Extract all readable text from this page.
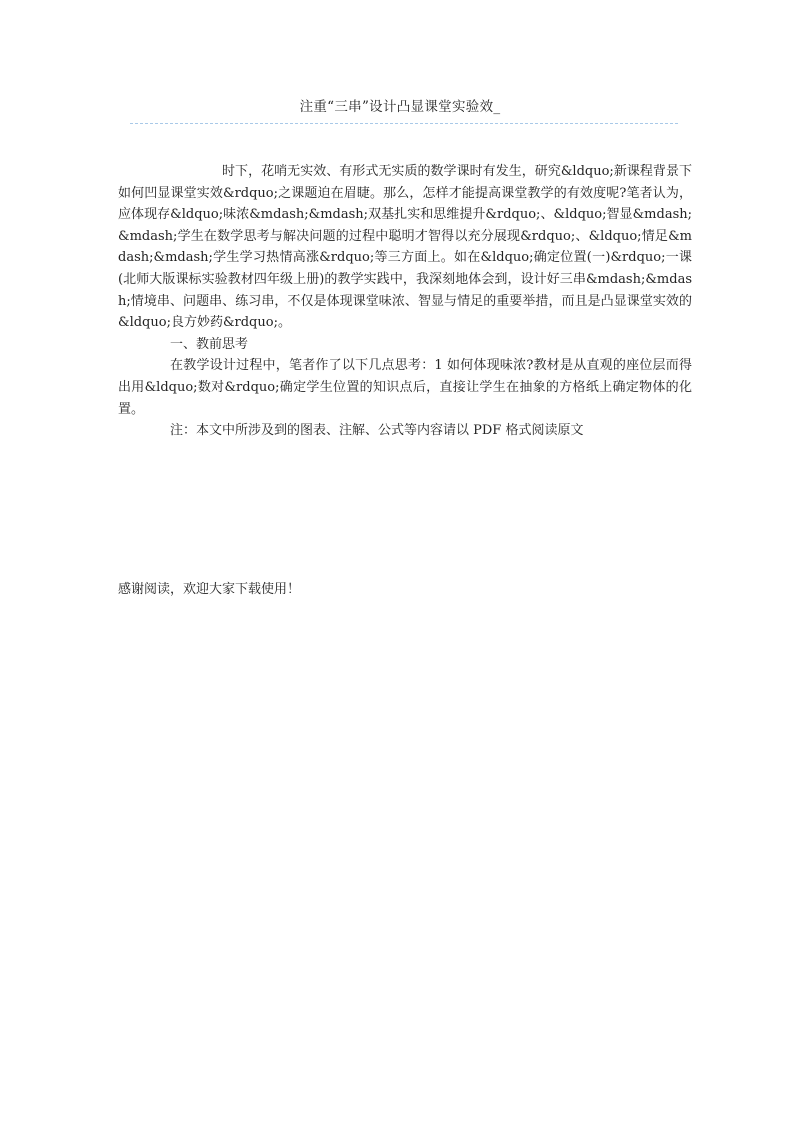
注重“三串”设计凸显课堂实验效_

时下，花哨无实效、有形式无实质的数学课时有发生，研究&ldquo;新课程背景下如何凹显课堂实效&rdquo;之课题迫在眉睫。那么，怎样才能提高课堂教学的有效度呢?笔者认为，应体现存&ldquo;味浓&mdash;&mdash;双基扎实和思维提升&rdquo;、&ldquo;智显&mdash;&mdash;学生在数学思考与解决问题的过程中聪明才智得以充分展现&rdquo;、&ldquo;情足&mdash;&mdash;学生学习热情高涨&rdquo;等三方面上。如在&ldquo;确定位置(一)&rdquo;一课(北师大版课标实验教材四年级上册)的教学实践中，我深刻地体会到，设计好三串&mdash;&mdash;情境串、问题串、练习串，不仅是体现课堂味浓、智显与情足的重要举措，而且是凸显课堂实效的&ldquo;良方妙药&rdquo;。

一、教前思考

在教学设计过程中，笔者作了以下几点思考：1 如何体现味浓?教材是从直观的座位层而得出用&ldquo;数对&rdquo;确定学生位置的知识点后，直接让学生在抽象的方格纸上确定物体的化置。

注：本文中所涉及到的图表、注解、公式等内容请以 PDF 格式阅读原文

感谢阅读，欢迎大家下载使用！
